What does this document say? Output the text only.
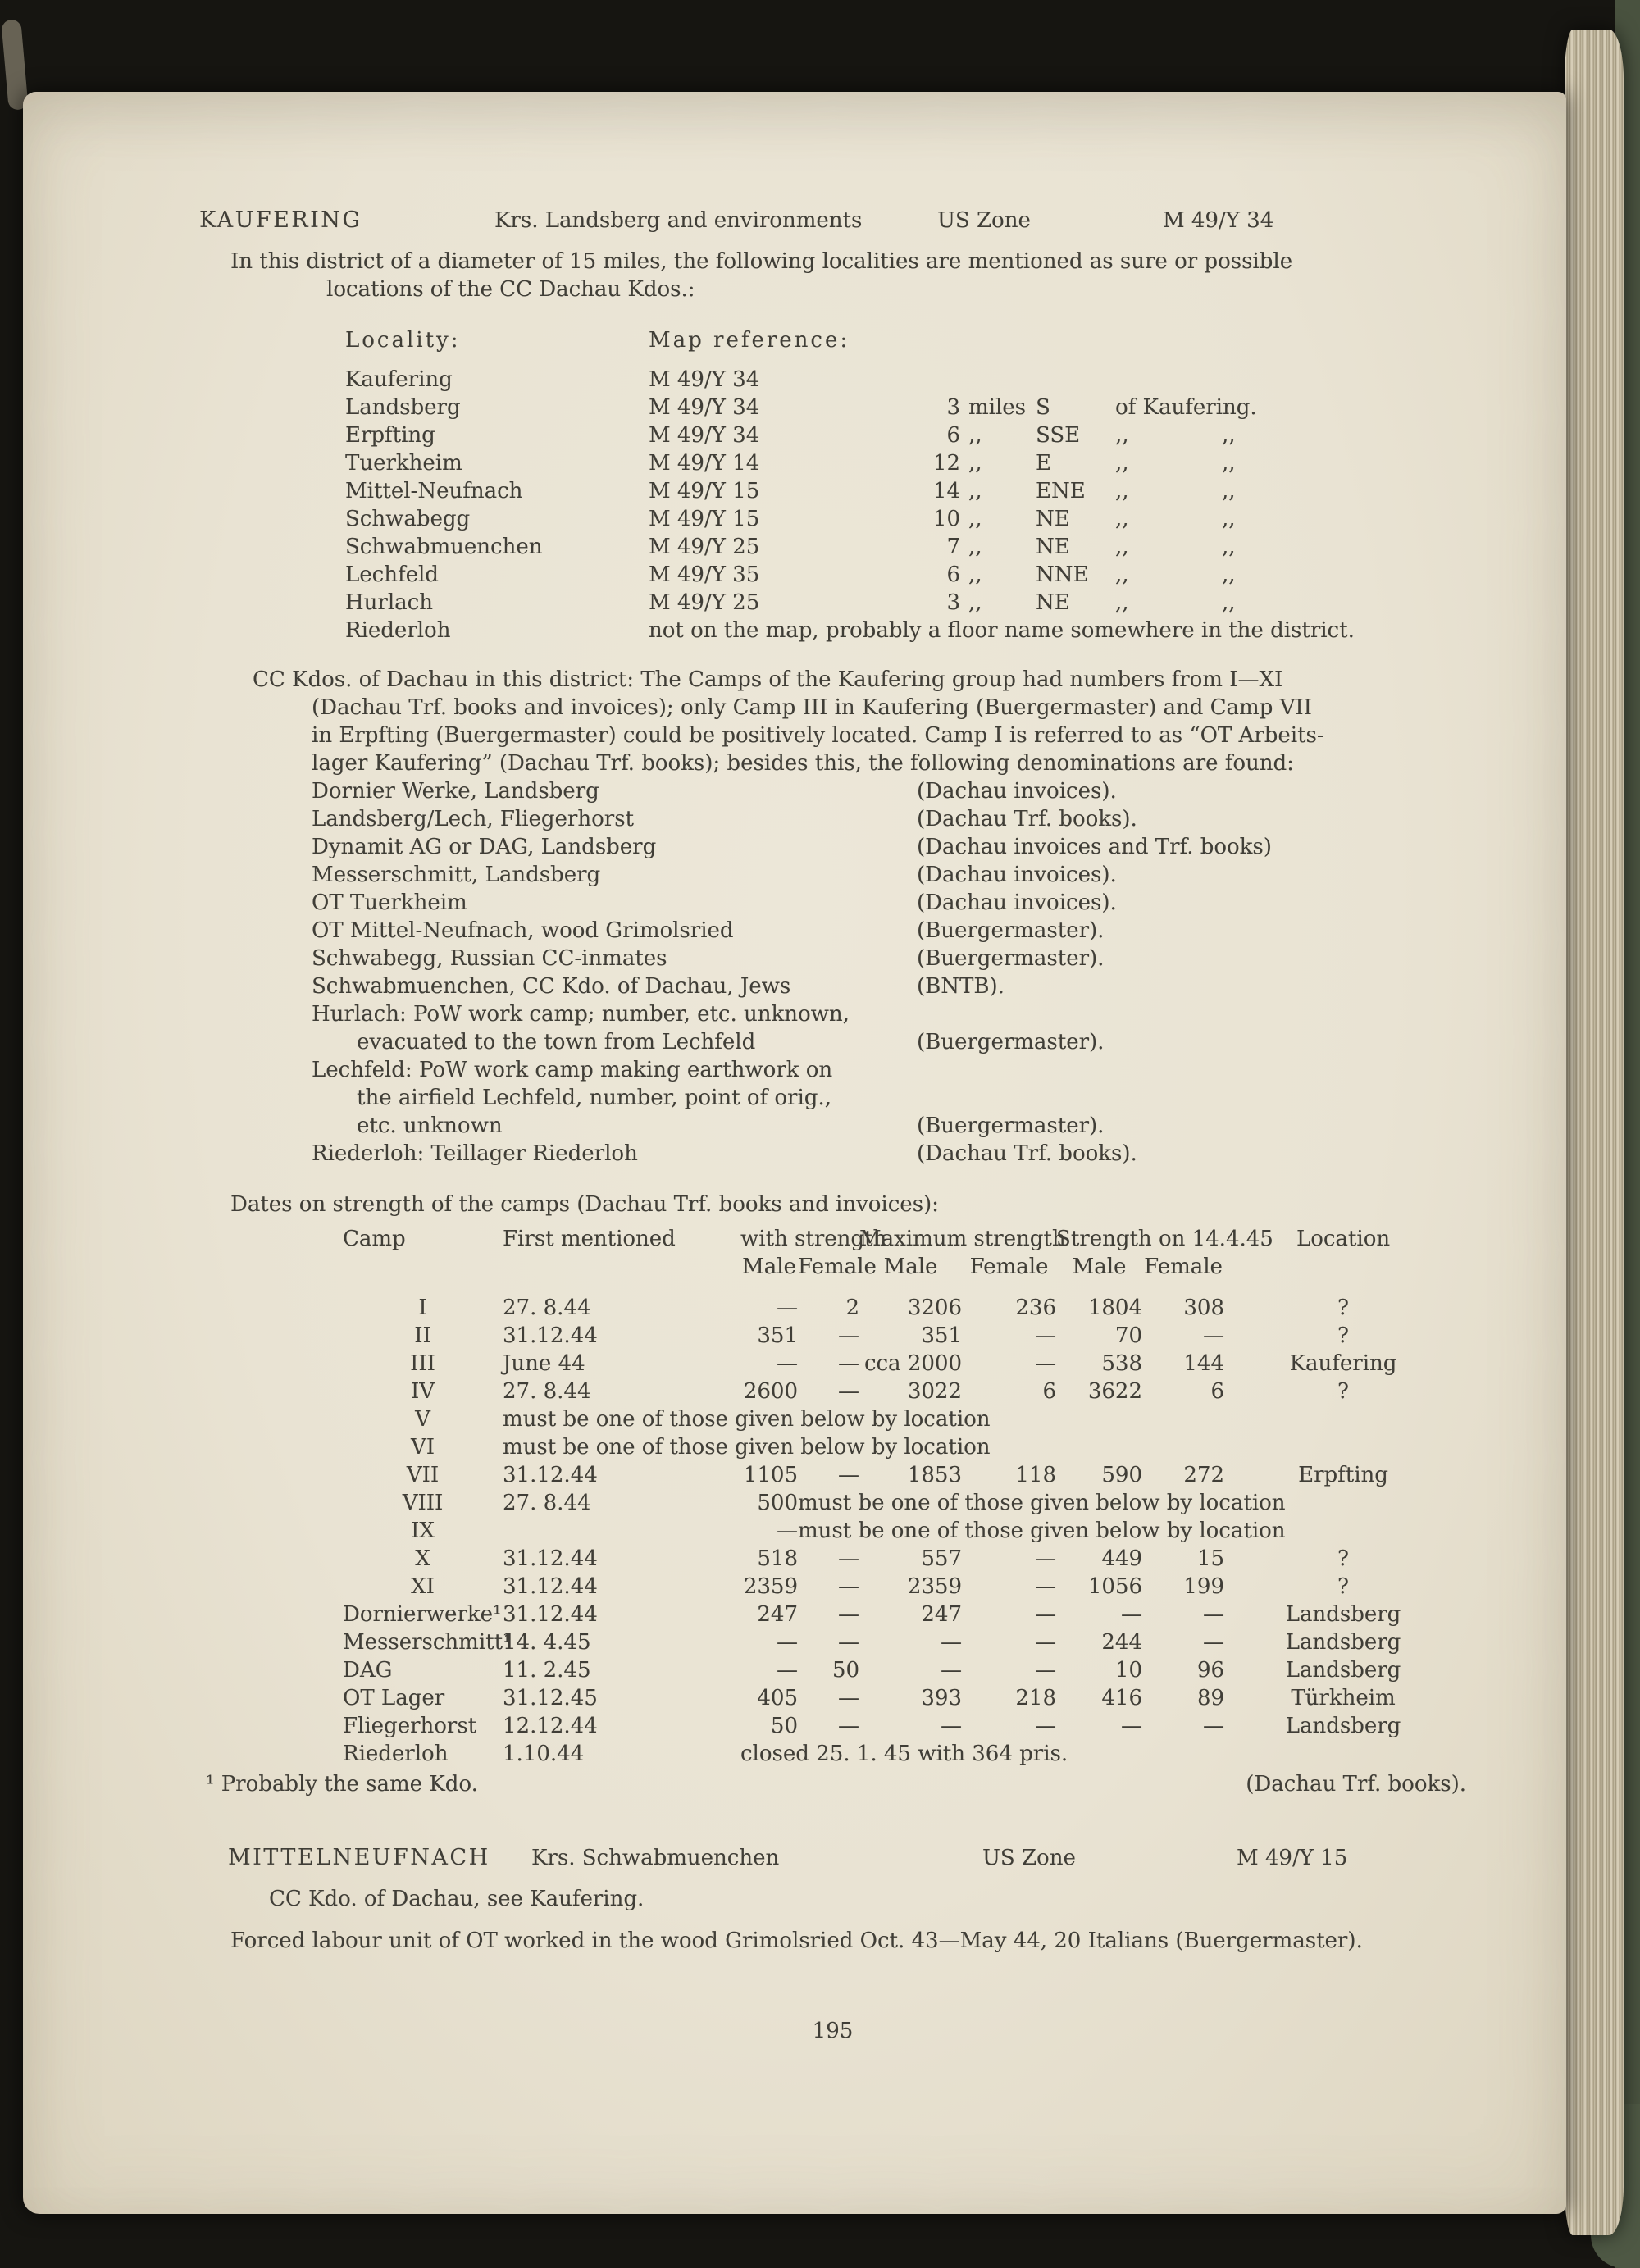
KAUFERING	Krs. Landsberg and environments	US Zone	M 49/Y 34
In this district of a diameter of 15 miles, the following localities are mentioned as sure or possible
locations of the CC Dachau Kdos.:
Locality:	Map reference:
Kaufering	M 49/Y 34
Landsberg	M 49/Y 34	3 miles S	of Kaufering.
Erpfting	M 49/Y 34	6 ,,	SSE	,,	,,
Tuerkheim	M 49/Y 14	12 ,,	E	,,	,,
Mittel-Neufnach	M 49/Y 15	14 ,,	ENE	,,	,,
Schwabegg	M 49/Y 15	10 ,,	NE	,,	,,
Schwabmuenchen	M 49/Y 25	7 ,,	NE	,,	,,
Lechfeld	M 49/Y 35	6 ,,	NNE	,,	,,
Hurlach	M 49/Y 25	3 ,,	NE	,,	,,
Riederloh	not on the map, probably a floor name somewhere in the district.
CC Kdos. of Dachau in this district: The Camps of the Kaufering group had numbers from I—XI
(Dachau Trf. books and invoices); only Camp III in Kaufering (Buergermaster) and Camp VII
in Erpfting (Buergermaster) could be positively located. Camp I is referred to as “OT Arbeits-
lager Kaufering” (Dachau Trf. books); besides this, the following denominations are found:
Dornier Werke, Landsberg	(Dachau invoices).
Landsberg/Lech, Fliegerhorst	(Dachau Trf. books).
Dynamit AG or DAG, Landsberg	(Dachau invoices and Trf. books)
Messerschmitt, Landsberg	(Dachau invoices).
OT Tuerkheim	(Dachau invoices).
OT Mittel-Neufnach, wood Grimolsried	(Buergermaster).
Schwabegg, Russian CC-inmates	(Buergermaster).
Schwabmuenchen, CC Kdo. of Dachau, Jews	(BNTB).
Hurlach: PoW work camp; number, etc. unknown,
evacuated to the town from Lechfeld	(Buergermaster).
Lechfeld: PoW work camp making earthwork on
the airfield Lechfeld, number, point of orig.,
etc. unknown	(Buergermaster).
Riederloh: Teillager Riederloh	(Dachau Trf. books).
Dates on strength of the camps (Dachau Trf. books and invoices):
Camp	First mentioned	with strength		Maximum strength		Strength on 14.4.45		Location
		Male	Female	Male	Female	Male	Female	
I	27. 8.44	—	2	3206	236	1804	308	?
II	31.12.44	351	—	351	—	70	—	?
III	June 44	—	—	cca 2000	—	538	144	Kaufering
IV	27. 8.44	2600	—	3022	6	3622	6	?
V	must be one of those given below by location							
VI	must be one of those given below by location							
VII	31.12.44	1105	—	1853	118	590	272	Erpfting
VIII	27. 8.44	500	must be one of those given below by location					
IX		—	must be one of those given below by location					
X	31.12.44	518	—	557	—	449	15	?
XI	31.12.44	2359	—	2359	—	1056	199	?
Dornierwerke¹	31.12.44	247	—	247	—	—	—	Landsberg
Messerschmitt¹	14. 4.45	—	—	—	—	244	—	Landsberg
DAG	11. 2.45	—	50	—	—	10	96	Landsberg
OT Lager	31.12.45	405	—	393	218	416	89	Türkheim
Fliegerhorst	12.12.44	50	—	—	—	—	—	Landsberg
Riederloh	1.10.44	closed 25. 1. 45 with 364 pris.						
¹ Probably the same Kdo.	(Dachau Trf. books).
MITTELNEUFNACH	Krs. Schwabmuenchen	US Zone	M 49/Y 15
CC Kdo. of Dachau, see Kaufering.
Forced labour unit of OT worked in the wood Grimolsried Oct. 43—May 44, 20 Italians (Buergermaster).
195
